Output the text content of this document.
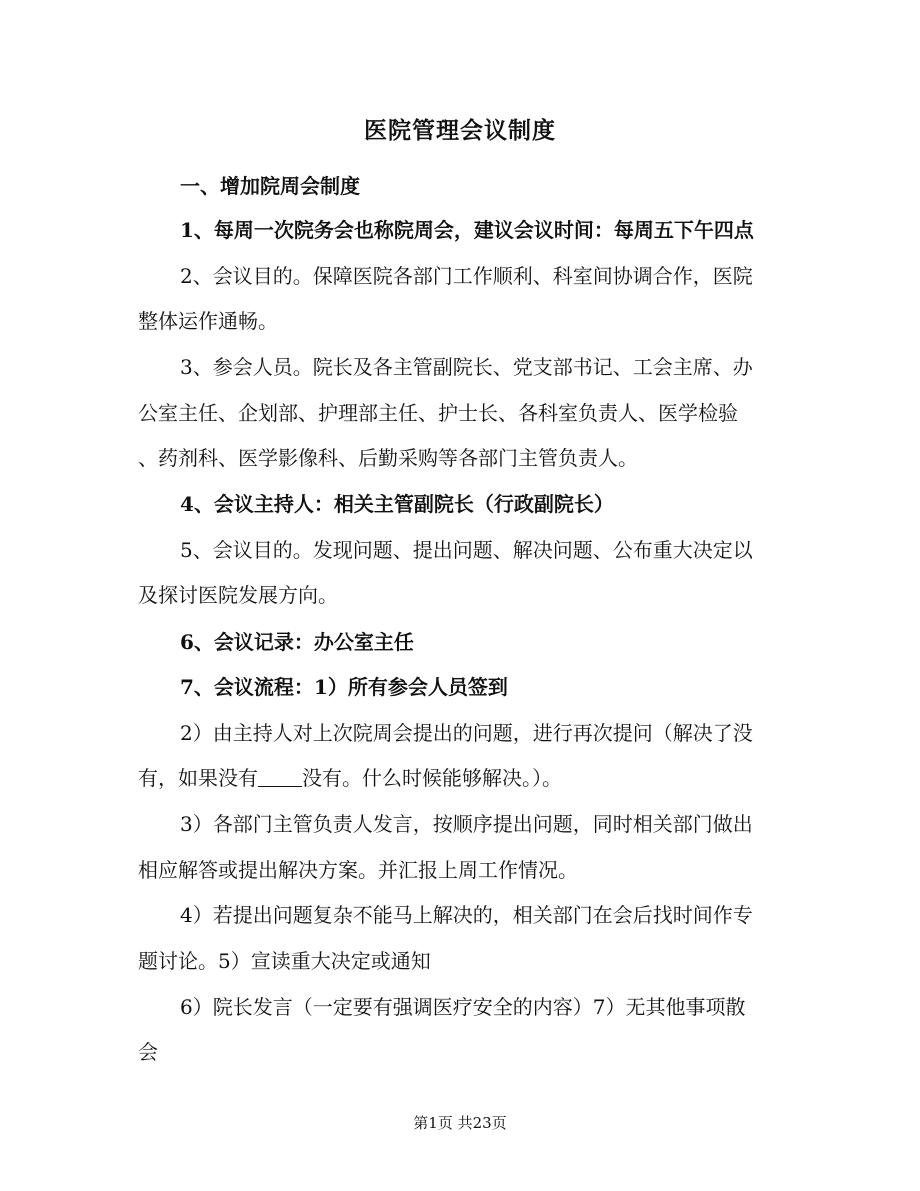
医院管理会议制度
一、增加院周会制度
1、每周一次院务会也称院周会，建议会议时间：每周五下午四点
2、会议目的。保障医院各部门工作顺利、科室间协调合作，医院
整体运作通畅。
3、参会人员。院长及各主管副院长、党支部书记、工会主席、办
公室主任、企划部、护理部主任、护士长、各科室负责人、医学检验
、药剂科、医学影像科、后勤采购等各部门主管负责人。
4、会议主持人：相关主管副院长（行政副院长）
5、会议目的。发现问题、提出问题、解决问题、公布重大决定以
及探讨医院发展方向。
6、会议记录：办公室主任
7、会议流程：1）所有参会人员签到
2）由主持人对上次院周会提出的问题，进行再次提问（解决了没
有，如果没有 没有。什么时候能够解决。）。
3）各部门主管负责人发言，按顺序提出问题，同时相关部门做出
相应解答或提出解决方案。并汇报上周工作情况。
4）若提出问题复杂不能马上解决的，相关部门在会后找时间作专
题讨论。5）宣读重大决定或通知
6）院长发言（一定要有强调医疗安全的内容）7）无其他事项散
会
第1页 共23页
